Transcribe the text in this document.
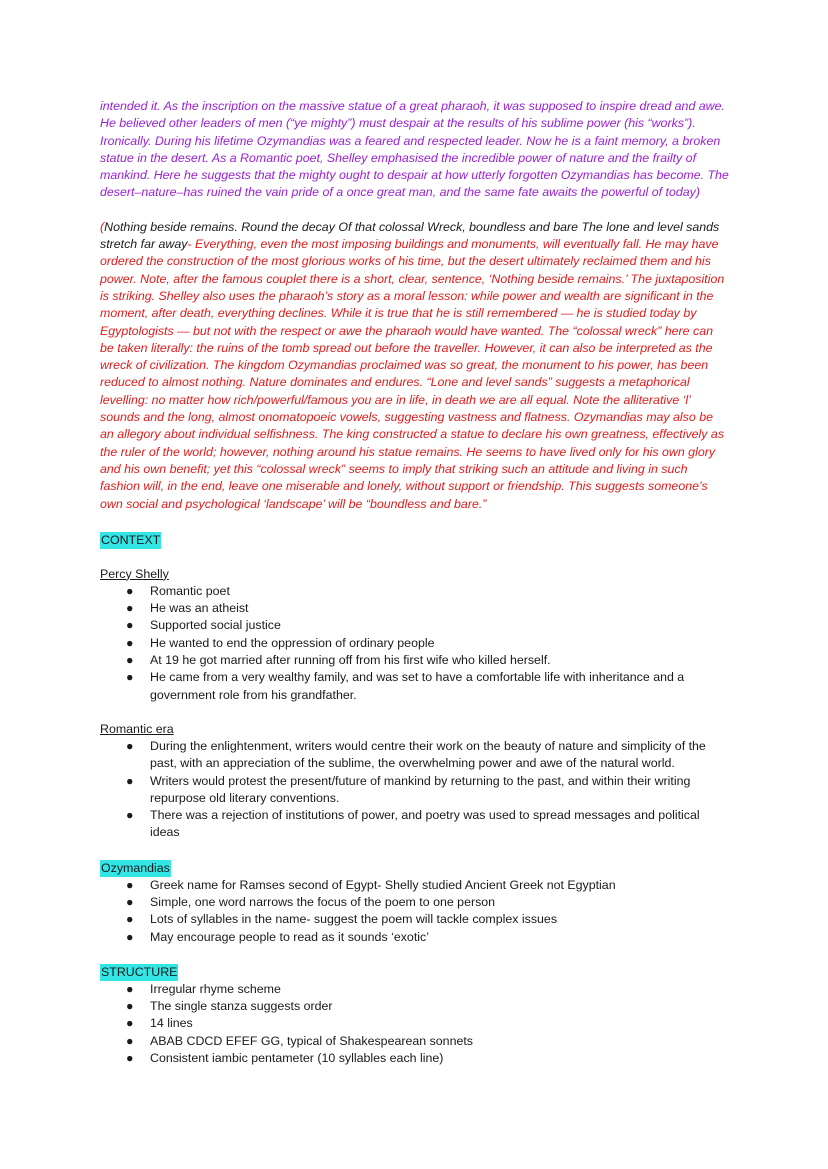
intended it. As the inscription on the massive statue of a great pharaoh, it was supposed to inspire dread and awe. He believed other leaders of men (“ye mighty”) must despair at the results of his sublime power (his “works”). Ironically. During his lifetime Ozymandias was a feared and respected leader. Now he is a faint memory, a broken statue in the desert. As a Romantic poet, Shelley emphasised the incredible power of nature and the frailty of mankind. Here he suggests that the mighty ought to despair at how utterly forgotten Ozymandias has become. The desert–nature–has ruined the vain pride of a once great man, and the same fate awaits the powerful of today)

(Nothing beside remains. Round the decay Of that colossal Wreck, boundless and bare The lone and level sands stretch far away- Everything, even the most imposing buildings and monuments, will eventually fall. He may have ordered the construction of the most glorious works of his time, but the desert ultimately reclaimed them and his power. Note, after the famous couplet there is a short, clear, sentence, ‘Nothing beside remains.’ The juxtaposition is striking. Shelley also uses the pharaoh’s story as a moral lesson: while power and wealth are significant in the moment, after death, everything declines. While it is true that he is still remembered — he is studied today by Egyptologists — but not with the respect or awe the pharaoh would have wanted. The “colossal wreck” here can be taken literally: the ruins of the tomb spread out before the traveller. However, it can also be interpreted as the wreck of civilization. The kingdom Ozymandias proclaimed was so great, the monument to his power, has been reduced to almost nothing. Nature dominates and endures. “Lone and level sands” suggests a metaphorical levelling: no matter how rich/powerful/famous you are in life, in death we are all equal. Note the alliterative ‘l’ sounds and the long, almost onomatopoeic vowels, suggesting vastness and flatness. Ozymandias may also be an allegory about individual selfishness. The king constructed a statue to declare his own greatness, effectively as the ruler of the world; however, nothing around his statue remains. He seems to have lived only for his own glory and his own benefit; yet this “colossal wreck” seems to imply that striking such an attitude and living in such fashion will, in the end, leave one miserable and lonely, without support or friendship. This suggests someone’s own social and psychological ‘landscape’ will be “boundless and bare.”

CONTEXT

Percy Shelly

● Romantic poet
● He was an atheist
● Supported social justice
● He wanted to end the oppression of ordinary people
● At 19 he got married after running off from his first wife who killed herself.
● He came from a very wealthy family, and was set to have a comfortable life with inheritance and a government role from his grandfather.

Romantic era

● During the enlightenment, writers would centre their work on the beauty of nature and simplicity of the past, with an appreciation of the sublime, the overwhelming power and awe of the natural world.
● Writers would protest the present/future of mankind by returning to the past, and within their writing repurpose old literary conventions.
● There was a rejection of institutions of power, and poetry was used to spread messages and political ideas
Ozymandias
● Greek name for Ramses second of Egypt- Shelly studied Ancient Greek not Egyptian
● Simple, one word narrows the focus of the poem to one person
● Lots of syllables in the name- suggest the poem will tackle complex issues
● May encourage people to read as it sounds ‘exotic’
STRUCTURE
● Irregular rhyme scheme
● The single stanza suggests order
● 14 lines
● ABAB CDCD EFEF GG, typical of Shakespearean sonnets
● Consistent iambic pentameter (10 syllables each line)
